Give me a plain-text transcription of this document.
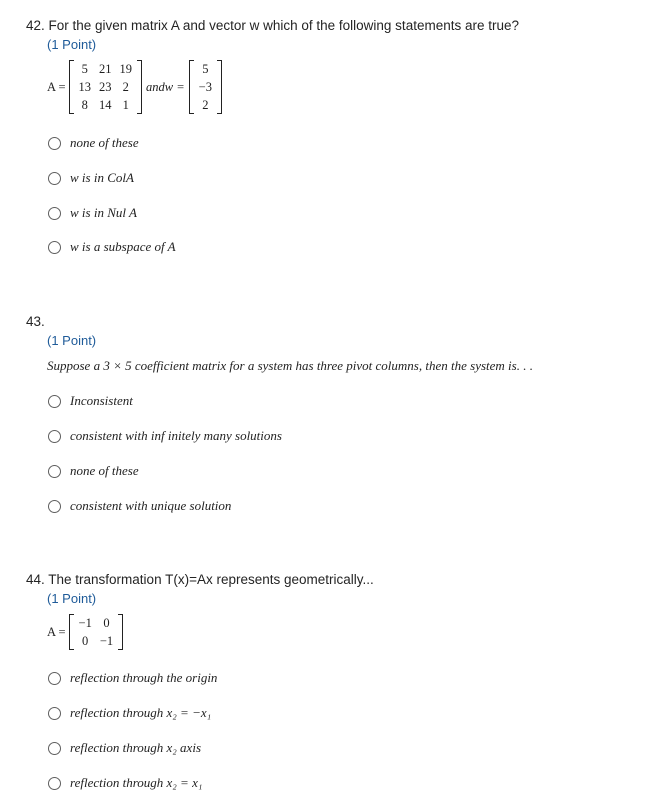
42. For the given matrix A and vector w which of the following statements are true?
(1 Point)
A =
5	21	19
13	23	2
8	14	1
andw =
5
−3
2
none of these
w is in ColA
w is in Nul A
w is a subspace of A
43.
(1 Point)
Suppose a 3 × 5 coefficient matrix for a system has three pivot columns, then the system is. . .
Inconsistent
consistent with inf initely many solutions
none of these
consistent with unique solution
44. The transformation T(x)=Ax represents geometrically...
(1 Point)
A =
−1	0
0	−1
reflection through the origin
reflection through x₂ = −x₁
reflection through x₂ axis
reflection through x₂ = x₁
